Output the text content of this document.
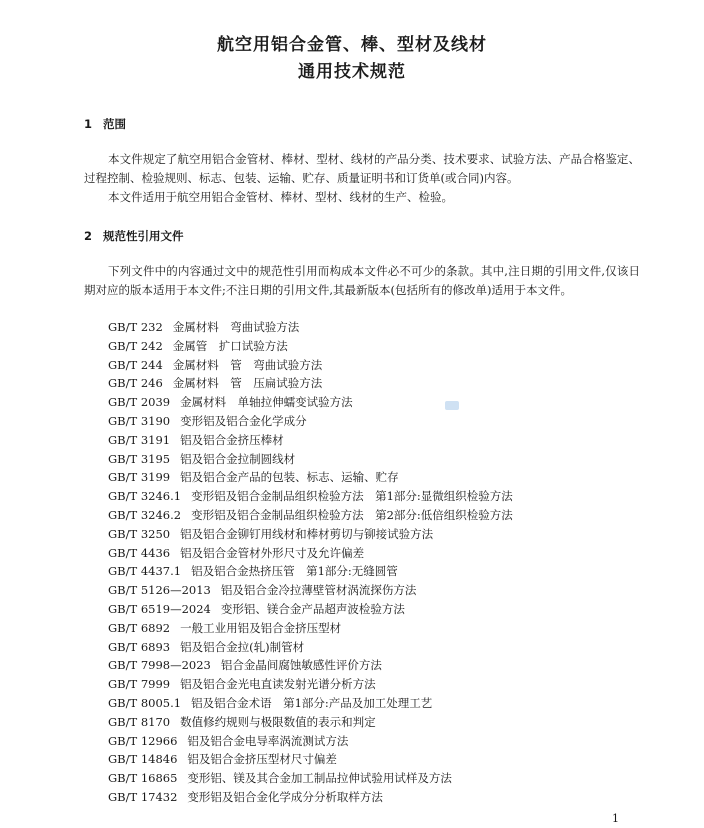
航空用铝合金管、棒、型材及线材
通用技术规范
1 范围
本文件规定了航空用铝合金管材、棒材、型材、线材的产品分类、技术要求、试验方法、产品合格鉴定、过程控制、检验规则、标志、包装、运输、贮存、质量证明书和订货单(或合同)内容。
本文件适用于航空用铝合金管材、棒材、型材、线材的生产、检验。
2 规范性引用文件
下列文件中的内容通过文中的规范性引用而构成本文件必不可少的条款。其中,注日期的引用文件,仅该日期对应的版本适用于本文件;不注日期的引用文件,其最新版本(包括所有的修改单)适用于本文件。
GB/T 232 金属材料　弯曲试验方法
GB/T 242 金属管　扩口试验方法
GB/T 244 金属材料　管　弯曲试验方法
GB/T 246 金属材料　管　压扁试验方法
GB/T 2039 金属材料　单轴拉伸蠕变试验方法
GB/T 3190 变形铝及铝合金化学成分
GB/T 3191 铝及铝合金挤压棒材
GB/T 3195 铝及铝合金拉制圆线材
GB/T 3199 铝及铝合金产品的包装、标志、运输、贮存
GB/T 3246.1 变形铝及铝合金制品组织检验方法　第1部分:显微组织检验方法
GB/T 3246.2 变形铝及铝合金制品组织检验方法　第2部分:低倍组织检验方法
GB/T 3250 铝及铝合金铆钉用线材和棒材剪切与铆接试验方法
GB/T 4436 铝及铝合金管材外形尺寸及允许偏差
GB/T 4437.1 铝及铝合金热挤压管　第1部分:无缝圆管
GB/T 5126—2013 铝及铝合金冷拉薄壁管材涡流探伤方法
GB/T 6519—2024 变形铝、镁合金产品超声波检验方法
GB/T 6892 一般工业用铝及铝合金挤压型材
GB/T 6893 铝及铝合金拉(轧)制管材
GB/T 7998—2023 铝合金晶间腐蚀敏感性评价方法
GB/T 7999 铝及铝合金光电直读发射光谱分析方法
GB/T 8005.1 铝及铝合金术语　第1部分:产品及加工处理工艺
GB/T 8170 数值修约规则与极限数值的表示和判定
GB/T 12966 铝及铝合金电导率涡流测试方法
GB/T 14846 铝及铝合金挤压型材尺寸偏差
GB/T 16865 变形铝、镁及其合金加工制品拉伸试验用试样及方法
GB/T 17432 变形铝及铝合金化学成分分析取样方法
1
